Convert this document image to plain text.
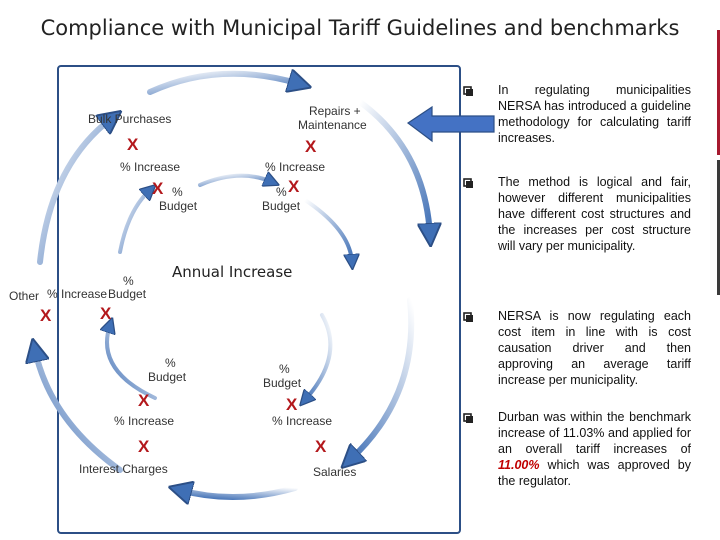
Compliance with Municipal Tariff Guidelines and benchmarks
Bulk Purchases
X
% Increase
X %
Budget
Repairs +
Maintenance
X
% Increase
% X
Budget
Annual Increase
%
Other % Increase Budget
X	X
%
Budget
X
% Increase
X
Interest Charges
%
Budget
X
% Increase
X
Salaries
In regulating municipalities NERSA has introduced a guideline methodology for calculating tariff increases.
The method is logical and fair, however different municipalities have different cost structures and the increases per cost structure will vary per municipality.
NERSA is now regulating each cost item in line with is cost causation driver and then approving an average tariff increase per municipality.
Durban was within the benchmark increase of 11.03% and applied for an overall tariff increases of 11.00% which was approved by the regulator.
